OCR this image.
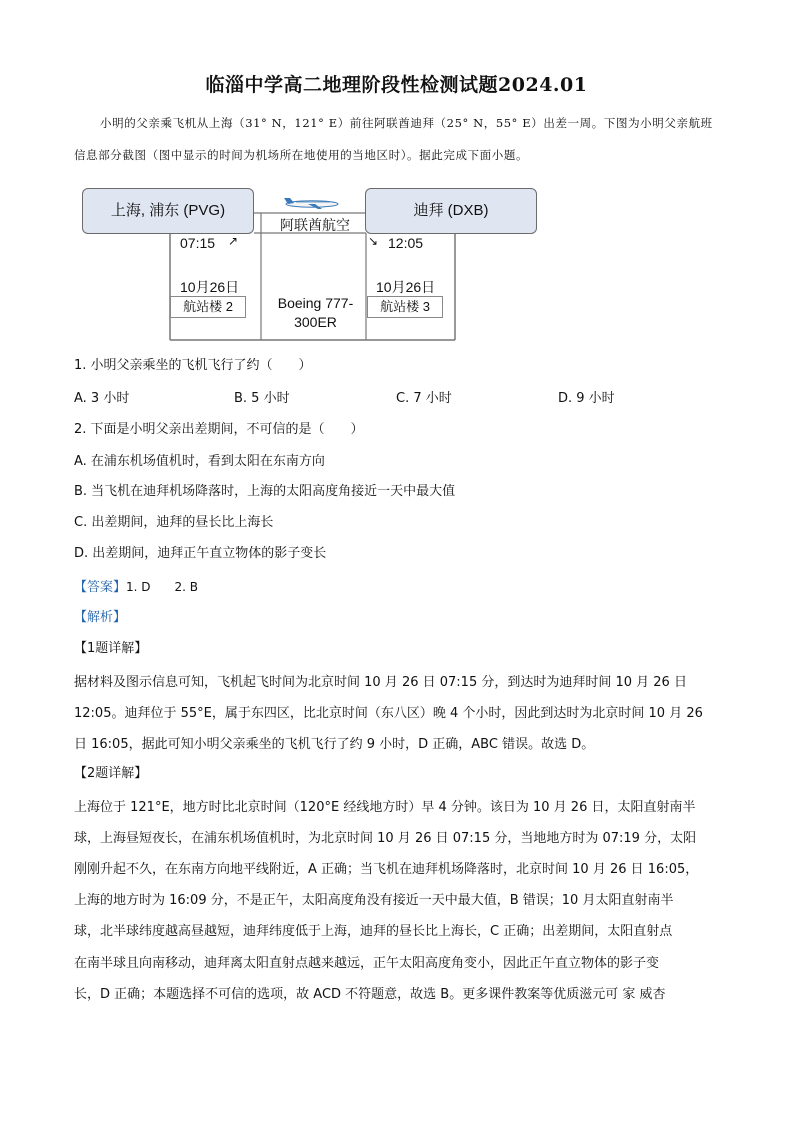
临淄中学高二地理阶段性检测试题2024.01
小明的父亲乘飞机从上海（31° N，121° E）前往阿联酋迪拜（25° N，55° E）出差一周。下图为小明父亲航班信息部分截图（图中显示的时间为机场所在地使用的当地区时）。据此完成下面小题。
上海, 浦东 (PVG)	迪拜 (DXB)
阿联酋航空
07:15 ↗	↘ 12:05
10月26日	10月26日
航站楼 2	航站楼 3
Boeing 777-
300ER
1. 小明父亲乘坐的飞机飞行了约（　　）
A. 3 小时	B. 5 小时	C. 7 小时	D. 9 小时
2. 下面是小明父亲出差期间，不可信的是（　　）
A. 在浦东机场值机时，看到太阳在东南方向
B. 当飞机在迪拜机场降落时，上海的太阳高度角接近一天中最大值
C. 出差期间，迪拜的昼长比上海长
D. 出差期间，迪拜正午直立物体的影子变长
【答案】1. D　　2. B
【解析】
【1题详解】
据材料及图示信息可知，飞机起飞时间为北京时间 10 月 26 日 07:15 分，到达时为迪拜时间 10 月 26 日
12:05。迪拜位于 55°E，属于东四区，比北京时间（东八区）晚 4 个小时，因此到达时为北京时间 10 月 26
日 16:05，据此可知小明父亲乘坐的飞机飞行了约 9 小时，D 正确，ABC 错误。故选 D。
【2题详解】
上海位于 121°E，地方时比北京时间（120°E 经线地方时）早 4 分钟。该日为 10 月 26 日，太阳直射南半
球，上海昼短夜长，在浦东机场值机时，为北京时间 10 月 26 日 07:15 分，当地地方时为 07:19 分，太阳
刚刚升起不久，在东南方向地平线附近，A 正确；当飞机在迪拜机场降落时，北京时间 10 月 26 日 16:05，
上海的地方时为 16:09 分，不是正午，太阳高度角没有接近一天中最大值，B 错误；10 月太阳直射南半
球，北半球纬度越高昼越短，迪拜纬度低于上海，迪拜的昼长比上海长，C 正确；出差期间，太阳直射点
在南半球且向南移动，迪拜离太阳直射点越来越远，正午太阳高度角变小，因此正午直立物体的影子变
长，D 正确；本题选择不可信的选项，故 ACD 不符题意，故选 B。更多课件教案等优质滋元可 家 威杏
